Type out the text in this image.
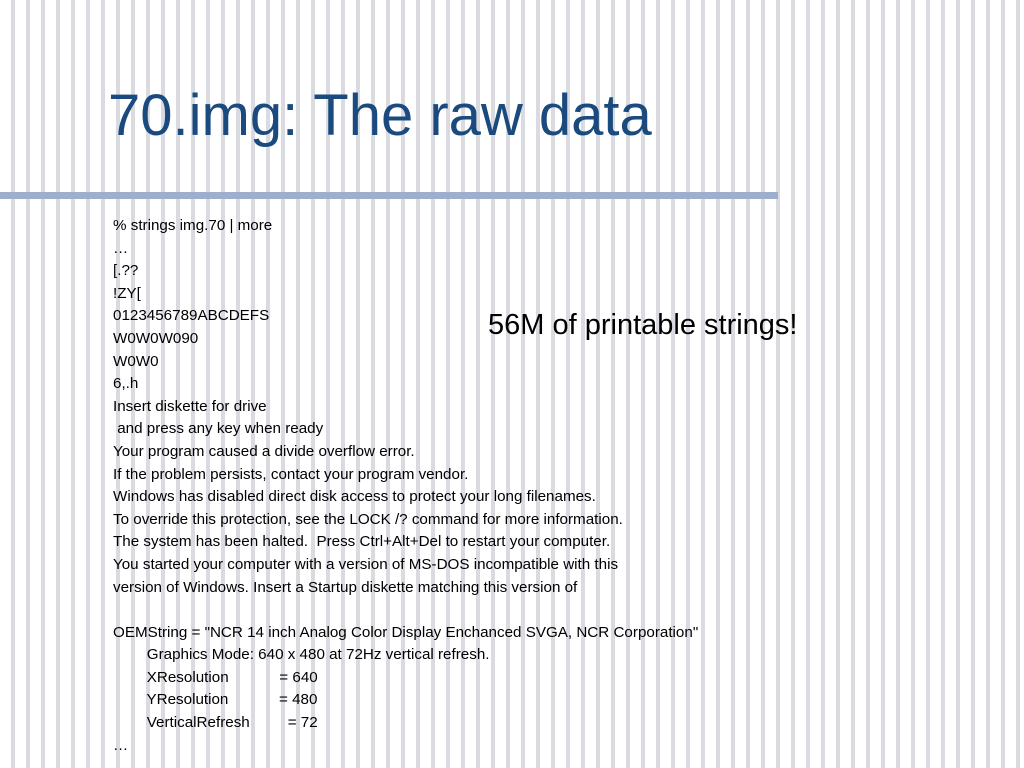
70.img: The raw data
% strings img.70 | more
…
[.??
!ZY[
0123456789ABCDEFS
W0W0W090
W0W0
6,.h
Insert diskette for drive
and press any key when ready
Your program caused a divide overflow error.
If the problem persists, contact your program vendor.
Windows has disabled direct disk access to protect your long filenames.
To override this protection, see the LOCK /? command for more information.
The system has been halted.  Press Ctrl+Alt+Del to restart your computer.
You started your computer with a version of MS-DOS incompatible with this
version of Windows. Insert a Startup diskette matching this version of
OEMString = "NCR 14 inch Analog Color Display Enchanced SVGA, NCR Corporation"
Graphics Mode: 640 x 480 at 72Hz vertical refresh.
XResolution            = 640
YResolution            = 480
VerticalRefresh         = 72
…
56M of printable strings!
